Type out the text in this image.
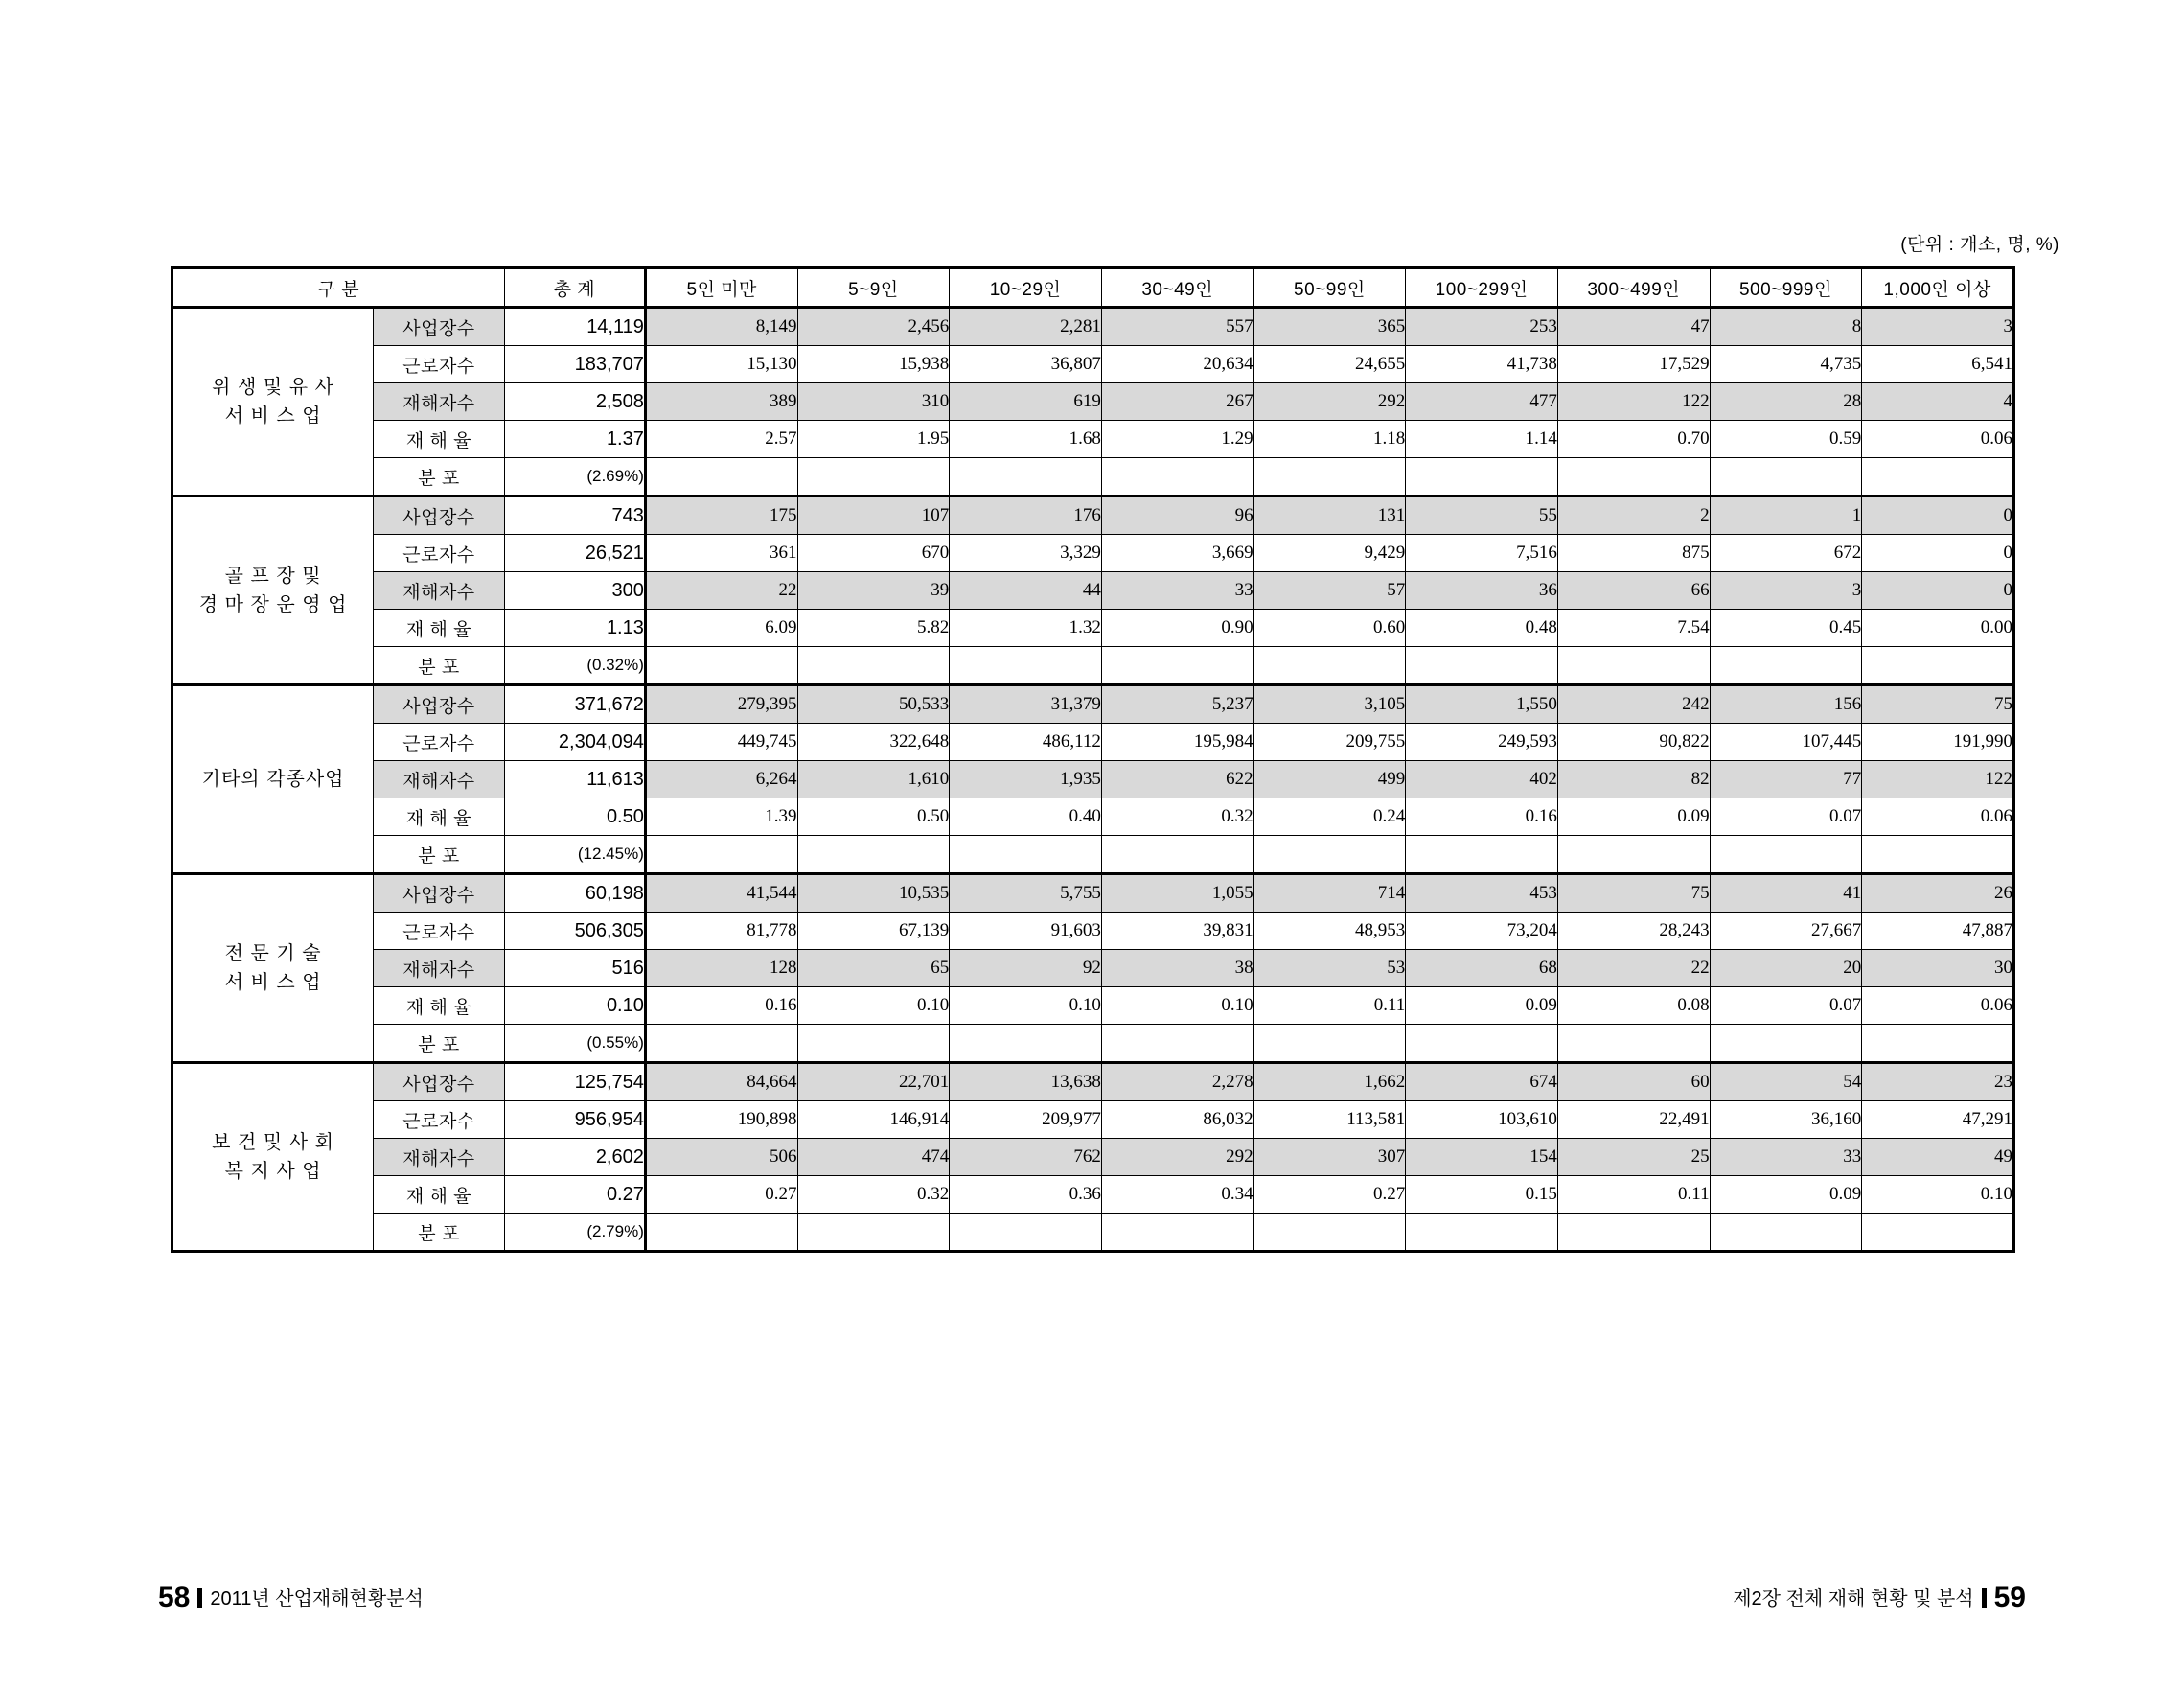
(단위 : 개소, 명, %)
구 분		총 계	5인 미만	5~9인	10~29인	30~49인	50~99인	100~299인	300~499인	500~999인	1,000인 이상
위 생 및 유 사
서 비 스 업	사업장수	14,119	8,149	2,456	2,281	557	365	253	47	8	3
	근로자수	183,707	15,130	15,938	36,807	20,634	24,655	41,738	17,529	4,735	6,541
	재해자수	2,508	389	310	619	267	292	477	122	28	4
	재 해 율	1.37	2.57	1.95	1.68	1.29	1.18	1.14	0.70	0.59	0.06
	분 포	(2.69%)									
골 프 장 및
경 마 장 운 영 업	사업장수	743	175	107	176	96	131	55	2	1	0
	근로자수	26,521	361	670	3,329	3,669	9,429	7,516	875	672	0
	재해자수	300	22	39	44	33	57	36	66	3	0
	재 해 율	1.13	6.09	5.82	1.32	0.90	0.60	0.48	7.54	0.45	0.00
	분 포	(0.32%)									
기타의 각종사업	사업장수	371,672	279,395	50,533	31,379	5,237	3,105	1,550	242	156	75
	근로자수	2,304,094	449,745	322,648	486,112	195,984	209,755	249,593	90,822	107,445	191,990
	재해자수	11,613	6,264	1,610	1,935	622	499	402	82	77	122
	재 해 율	0.50	1.39	0.50	0.40	0.32	0.24	0.16	0.09	0.07	0.06
	분 포	(12.45%)									
전 문 기 술
서 비 스 업	사업장수	60,198	41,544	10,535	5,755	1,055	714	453	75	41	26
	근로자수	506,305	81,778	67,139	91,603	39,831	48,953	73,204	28,243	27,667	47,887
	재해자수	516	128	65	92	38	53	68	22	20	30
	재 해 율	0.10	0.16	0.10	0.10	0.10	0.11	0.09	0.08	0.07	0.06
	분 포	(0.55%)									
보 건 및 사 회
복 지 사 업	사업장수	125,754	84,664	22,701	13,638	2,278	1,662	674	60	54	23
	근로자수	956,954	190,898	146,914	209,977	86,032	113,581	103,610	22,491	36,160	47,291
	재해자수	2,602	506	474	762	292	307	154	25	33	49
	재 해 율	0.27	0.27	0.32	0.36	0.34	0.27	0.15	0.11	0.09	0.10
	분 포	(2.79%)									
58 2011년 산업재해현황분석	제2장 전체 재해 현황 및 분석 59
